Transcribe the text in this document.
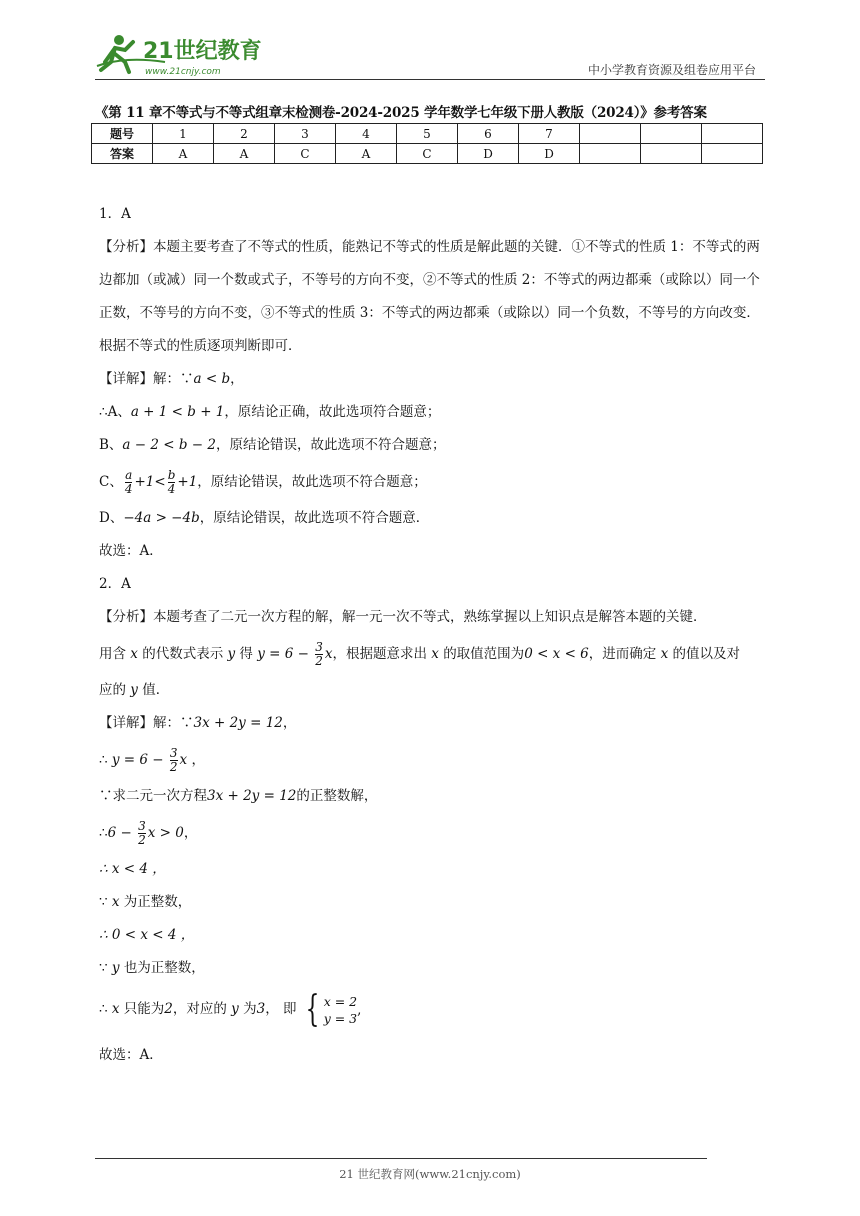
21世纪教育
www.21cnjy.com	中小学教育资源及组卷应用平台
《第 11 章不等式与不等式组章末检测卷-2024-2025 学年数学七年级下册人教版（2024）》参考答案
题号	1	2	3	4	5	6	7			
答案	A	A	C	A	C	D	D			
1．A
【分析】本题主要考查了不等式的性质，能熟记不等式的性质是解此题的关键．①不等式的性质 1：不等式的两边都加（或减）同一个数或式子，不等号的方向不变，②不等式的性质 2：不等式的两边都乘（或除以）同一个正数，不等号的方向不变，③不等式的性质 3：不等式的两边都乘（或除以）同一个负数，不等号的方向改变．
根据不等式的性质逐项判断即可．
【详解】解：∵a < b，
∴A、a + 1 < b + 1，原结论正确，故此选项符合题意；
B、a − 2 < b − 2，原结论错误，故此选项不符合题意；
C、 $\frac{a}{4} +1< \frac{b}{4} +1$，原结论错误，故此选项不符合题意；
D、−4a > −4b，原结论错误，故此选项不符合题意．
故选：A．
2．A
【分析】本题考查了二元一次方程的解，解一元一次不等式，熟练掌握以上知识点是解答本题的关键．
用含 x 的代数式表示 y 得 $y = 6 - \frac{3}{2}$ x，根据题意求出 x 的取值范围为0 < x < 6，进而确定 x 的值以及对
应的 y 值．
【详解】解：∵3x + 2y = 12，
∴ $y = 6 - \frac{3}{2}$ x ，
∵求二元一次方程3x + 2y = 12的正整数解，
∴6 − $\frac{3}{2}$ x > 0，
∴ x < 4 ，
∵ x 为正整数，
∴ 0 < x < 4 ，
∵ y 也为正整数，
∴ x 只能为2，对应的 y 为3， 即 { x = 2
y = 3
,
故选：A．
21 世纪教育网(www.21cnjy.com)
